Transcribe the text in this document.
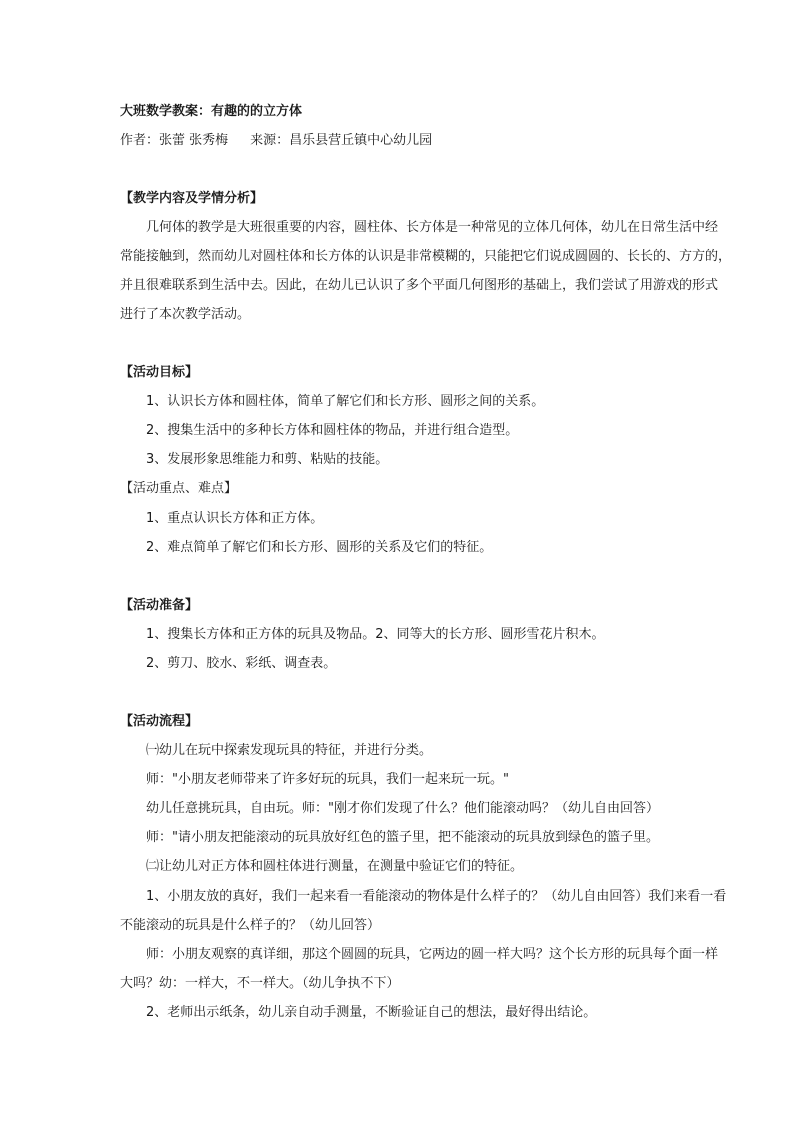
大班数学教案：有趣的的立方体
作者：张蕾 张秀梅 来源：昌乐县营丘镇中心幼儿园
【教学内容及学情分析】
几何体的教学是大班很重要的内容，圆柱体、长方体是一种常见的立体几何体，幼儿在日常生活中经
常能接触到，然而幼儿对圆柱体和长方体的认识是非常模糊的，只能把它们说成圆圆的、长长的、方方的，
并且很难联系到生活中去。因此，在幼儿已认识了多个平面几何图形的基础上，我们尝试了用游戏的形式
进行了本次教学活动。
【活动目标】
1、认识长方体和圆柱体，简单了解它们和长方形、圆形之间的关系。
2、搜集生活中的多种长方体和圆柱体的物品，并进行组合造型。
3、发展形象思维能力和剪、粘贴的技能。
【活动重点、难点】
1、重点认识长方体和正方体。
2、难点简单了解它们和长方形、圆形的关系及它们的特征。
【活动准备】
1、搜集长方体和正方体的玩具及物品。2、同等大的长方形、圆形雪花片积木。
2、剪刀、胶水、彩纸、调查表。
【活动流程】
㈠幼儿在玩中探索发现玩具的特征，并进行分类。
师："小朋友老师带来了许多好玩的玩具，我们一起来玩一玩。"
幼儿任意挑玩具，自由玩。师："刚才你们发现了什么？他们能滚动吗？（幼儿自由回答）
师："请小朋友把能滚动的玩具放好红色的篮子里，把不能滚动的玩具放到绿色的篮子里。
㈡让幼儿对正方体和圆柱体进行测量，在测量中验证它们的特征。
1、小朋友放的真好，我们一起来看一看能滚动的物体是什么样子的？（幼儿自由回答）我们来看一看
不能滚动的玩具是什么样子的？（幼儿回答）
师：小朋友观察的真详细，那这个圆圆的玩具，它两边的圆一样大吗？这个长方形的玩具每个面一样
大吗？幼：一样大，不一样大。（幼儿争执不下）
2、老师出示纸条，幼儿亲自动手测量，不断验证自己的想法，最好得出结论。
